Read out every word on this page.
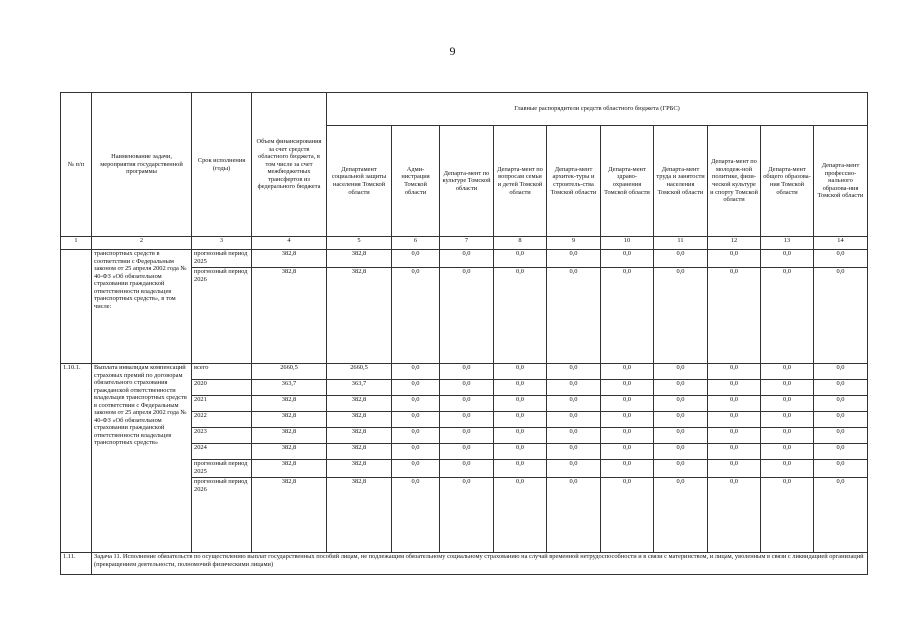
9
№ п/п	Наименование задачи, мероприятия государственной программы	Срок исполнения (годы)	Объем финансирования за счет средств областного бюджета, в том числе за счет межбюджетных трансфертов из федерального бюджета	Главные распорядители средств областного бюджета (ГРБС)									
				Департамент социальной защиты населения Томской области	Адми-нистрация Томской области	Департа-мент по культуре Томской области	Департа-мент по вопросам семьи и детей Томской области	Департа-мент архитек-туры и строитель-ства Томской области	Департа-мент здраво-охранения Томской области	Департа-мент труда и занятости населения Томской области	Департа-мент по молодеж-ной политике, физи-ческой культуре и спорту Томской области	Департа-мент общего образова-ния Томской области	Департа-мент профессио-нального образова-ния Томской области
1	2	3	4	5	6	7	8	9	10	11	12	13	14
	транспортных средств в соответствии с Федеральным законом от 25 апреля 2002 года № 40-ФЗ «Об обязательном страховании гражданской ответственности владельцев транспортных средств», в том числе:	прогнозный период 2025	382,8	382,8	0,0	0,0	0,0	0,0	0,0	0,0	0,0	0,0	0,0
		прогнозный период 2026	382,8	382,8	0,0	0,0	0,0	0,0	0,0	0,0	0,0	0,0	0,0
1.10.1.	Выплата инвалидам компенсаций страховых премий по договорам обязательного страхования гражданской ответственности владельцев транспортных средств в соответствии с Федеральным законом от 25 апреля 2002 года № 40-ФЗ «Об обязательном страховании гражданской ответственности владельцев транспортных средств»	всего	2660,5	2660,5	0,0	0,0	0,0	0,0	0,0	0,0	0,0	0,0	0,0
		2020	363,7	363,7	0,0	0,0	0,0	0,0	0,0	0,0	0,0	0,0	0,0
		2021	382,8	382,8	0,0	0,0	0,0	0,0	0,0	0,0	0,0	0,0	0,0
		2022	382,8	382,8	0,0	0,0	0,0	0,0	0,0	0,0	0,0	0,0	0,0
		2023	382,8	382,8	0,0	0,0	0,0	0,0	0,0	0,0	0,0	0,0	0,0
		2024	382,8	382,8	0,0	0,0	0,0	0,0	0,0	0,0	0,0	0,0	0,0
		прогнозный период 2025	382,8	382,8	0,0	0,0	0,0	0,0	0,0	0,0	0,0	0,0	0,0
		прогнозный период 2026	382,8	382,8	0,0	0,0	0,0	0,0	0,0	0,0	0,0	0,0	0,0
1.11.	Задача 11. Исполнение обязательств по осуществлению выплат государственных пособий лицам, не подлежащим обязательному социальному страхованию на случай временной нетрудоспособности и в связи с материнством, и лицам, уволенным в связи с ликвидацией организаций (прекращением деятельности, полномочий физическими лицами)												
